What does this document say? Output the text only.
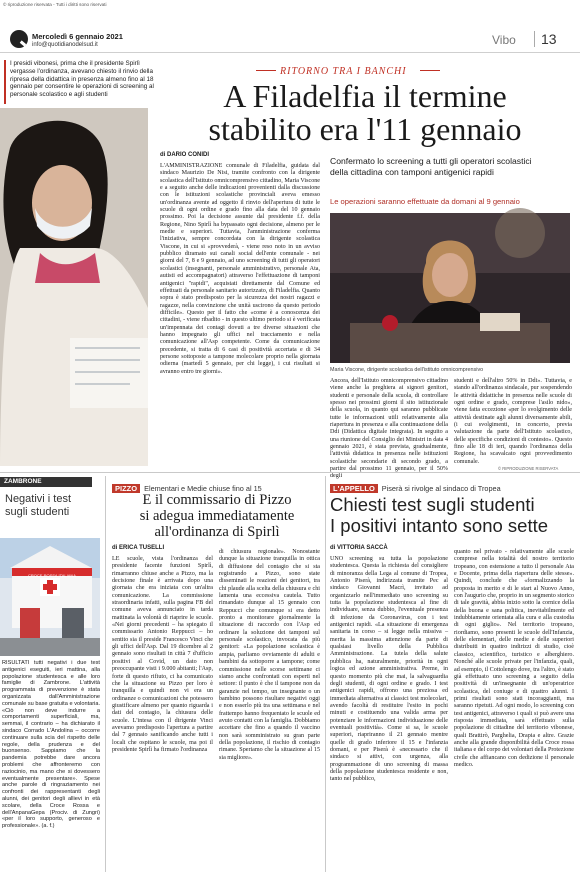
© riproduzione riservata - Tutti i diritti sono riservati
Mercoledì 6 gennaio 2021
info@quotidianodelsud.it	Vibo	13
I presidi vibonesi, prima che il presidente Spirlì vergasse l'ordinanza, avevano chiesto il rinvio della ripresa della didattica in presenza almeno fino al 18 gennaio per consentire le operazioni di screening al personale scolastico e agli studenti
RITORNO TRA I BANCHI
A Filadelfia il termine
stabilito era l'11 gennaio
di DARIO CONIDI
L'AMMINISTRAZIONE comunale di Filadelfia, guidata dal sindaco Maurizio De Nisi, tramite confronto con la dirigente scolastica dell'Istituto omnicomprensivo cittadino, Maria Viscone e a seguito anche delle indicazioni provenienti dalla discussione con le istituzioni scolastiche provinciali aveva emesso un'ordinanza avente ad oggetto il rinvio dell'apertura di tutte le scuole di ogni ordine e grado fino alla data del 10 gennaio prossimo. Poi la decisione assunte dal presidente f.f. della Regione, Nino Spirlì ha bypassato ogni decisione, almeno per le medie e superiori. Tuttavia, l'amministrazione conferma l'iniziativa, sempre concordata con la dirigente scolastica Viscone, in cui si «provvederà, - viene reso noto in un avviso pubblico diramato sui canali social dell'ente comunale - nei giorni del 7, 8 e 9 gennaio, ad uno screening di tutti gli operatori scolastici (insegnanti, personale amministrativo, personale Ata, autisti ed accompagnatori) attraverso l'effettuazione di tamponi antigenici "rapidi", acquistati direttamente dal Comune ed effettuati da personale sanitario autorizzato, di Filadelfia. Quanto sopra è stato predisposto per la sicurezza dei nostri ragazzi e ragazze, nella convinzione che unità uscirono da questo periodo difficile». Questo per il fatto che «come è a conoscenza dei cittadini, - viene ribadito - in questo ultimo periodo si è verificata un'impennata dei contagi dovuti a tre diverse situazioni che hanno impegnato gli uffici nel tracciamento e nella comunicazione all'Asp competente. Come da comunicazione precedente, si tratta di 6 casi di positività accertata e di 34 persone sottoposte a tampone molecolare proprio nella giornata odierna (martedì 5 gennaio, per chi legge), i cui risultati si avranno entro tre giorni».
Confermato lo screening a tutti gli operatori scolastici
della cittadina con tamponi antigenici rapidi
Le operazioni saranno effettuate da domani al 9 gennaio
Maria Viscone, dirigente scolastica dell'istituto omnicomprensivo
Ancora, dell'Istituto omnicomprensivo cittadino viene anche la preghiera ai signori genitori, studenti e personale della scuola, di controllare spesso nei prossimi giorni il sito istituzionale della scuola, in quanto qui saranno pubblicate tutte le informazioni utili relativamente alla riapertura in presenza e alla continuazione della Ddi (Didattica digitale integrata). In seguito a una riunione del Consiglio dei Ministri in data 4 gennaio 2021, è stata prevista, gradualmente, l'attività didattica in presenza nelle istituzioni scolastiche secondarie di secondo grado, a partire dal prossimo 11 gennaio, per il 50% degli
studenti e dell'altro 50% in Ddi». Tuttavia, e stando all'ordinanza sindacale, pur sospendendo le attività didattiche in presenza nelle scuole di ogni ordine e grado, comprese l'asilo nido», viene fatta eccezione «per lo svolgimento delle attività destinate agli alunni diversamente abili, (i cui svolgimenti, in concerto, previa valutazione da parte dell'Istituto scolastico, delle specifiche condizioni di contesto». Questo fino alle 18 di ieri, quando l'ordinanza della Regione, ha scavalcato ogni provvedimento comunale.
© RIPRODUZIONE RISERVATA
ZAMBRONE
Negativi i test sugli studenti
CROCE ROSSA ITALIANA
RISULTATI tutti negativi i due test antigenici eseguiti, ieri mattina, alla popolazione studentesca e alle loro famiglie di Zambrone. L'attività programmata di prevenzione è stata organizzata dall'Amministrazione comunale su base gratuita e volontaria. «Ciò non deve indurre a comportamenti superficiali, ma, semmai, il contrario – ha dichiarato il sindaco Corrado L'Andolina – occorre continuare sulla scia del rispetto delle regole, della prudenza e del buonsenso. Sappiamo che la pandemia potrebbe dare ancora problemi che affronteremo con raziocinio, ma mano che si dovessero eventualmente presentare». Spese anche parole di ringraziamento nei confronti dei rappresentanti degli alunni, dei genitori degli allievi in età scolare, della Croce Rossa e dell'AnpanaGepa (Prociv. di Zungri) «per il loro supporto, generoso e professionale». (a. f.)
PIZZO Elementari e Medie chiuse fino al 15
E il commissario di Pizzo
si adegua immediatamente
all'ordinanza di Spirlì
di ERICA TUSELLI
LE scuole, vista l'ordinanza del presidente facente funzioni Spirlì, rimarranno chiuse anche a Pizzo, ma la decisione finale è arrivata dopo una giornata che era iniziata con un'altra comunicazione. La commissione straordinaria infatti, sulla pagina FB del comune aveva annunciato in tarda mattinata la volontà di riaprire le scuole. «Nei giorni precedenti – ha spiegato il commissario Antonio Reppucci – ho sentito sia il preside Francesco Vinci che gli uffici dell'Asp. Dal 19 dicembre al 2 gennaio sono risultati in città 7 d'ufficio positivi al Covid, un dato non preoccupante visti i 9.000 abitanti; l'Asp, forte di questo rifiuto, ci ha comunicato che la situazione su Pizzo per loro è tranquilla e quindi non vi era un ordinanze o comunicazioni che potessero giustificare almeno per quanto riguarda i dati del contagio, la chiusura delle scuole. L'intesa con il dirigente Vinci avevamo predisposto l'apertura a partire dal 7 gennaio sanificando anche tutti i locali che ospitano le scuole, ma poi il presidente Spirlì ha firmato l'ordinanza
di chiusura regionale». Nonostante dunque la situazione tranquilla in ottica di diffusione del contagio che si sta registrando a Pizzo, sono state disseminati le reazioni dei genitori, tra chi plaude alla scelta della chiusura e chi lamenta una eccessiva cautela. Tutto rimandato dunque al 15 gennaio con Reppucci che comunque si era detto pronto a monitorare giornalmente la situazione di raccordo con l'Asp ed ordinare la soluzione dei tamponi sul personale scolastico, invocata da più genitori: «La popolazione scolastica è ampia, parliamo ovviamente di adulti e bambini da sottoporre a tampone; come commissione nelle scorse settimane ci siamo anche confrontati con esperti nel settore: il punto è che il tampone non da garanzie nel tempo, un insegnante o un bambino possono risultare negativi oggi e non esserlo più tra una settimana e nel frattempo hanno frequentato le scuole ed avuto contatti con la famiglia. Dobbiamo accettare che fino a quando il vaccino non sarà somministrato su gran parte della popolazione, il rischio di contagio rimane. Speriamo che la situazione al 15 sia migliore».
L'APPELLO Piserà si rivolge al sindaco di Tropea
Chiesti test sugli studenti
I positivi intanto sono sette
di VITTORIA SACCÀ
UNO screening su tutta la popolazione studentesca. Questa la richiesta del consigliere di minoranza della Lega al comune di Tropea, Antonio Piserà, indirizzata tramite Pec al sindaco Giovanni Macrì, invitato ad organizzarlo nell'immediato uno screening su tutta la popolazione studentesca al fine di individuare, senza dubbio, l'eventuale presenza di infezione da Coronavirus, con i test antigenici rapidi. «La situazione di emergenza sanitaria in corso – si legge nella missiva – merita la massima attenzione da parte di qualsiasi livello della Pubblica Amministrazione. La tutela della salute pubblica ha, naturalmente, priorità in ogni logica ed azione amministrativa. Preme, in questo momento più che mai, la salvaguardia degli studenti, di ogni ordine e grado. I test antigenici rapidi, offrono una preziosa ed immediata alternativa ai classici test molecolari, avendo facoltà di restituire l'esito in pochi minuti e costituendo una valida arma per potenziare le informazioni individuazione delle eventuali positività». Come si sa, le scuole superiori, riapriranno il 21 gennaio mentre quelle di grado inferiore il 15 e l'infanzia domani, e per Piserà è «necessario che il sindaco si attivi, con urgenza, alla programmazione di uno screening di massa della popolazione studentesca residente e non, tanto nel pubblico,
quanto nel privato - relativamente alle scuole comprese nella totalità del nostro territorio tropeano, con estensione a tutto il personale Ata e Docente, prima della riapertura delle stesse». Quindi, conclude che «formalizzando la proposta in merito e di le start al Nuovo Anno, con l'augurio che, proprio in un segmento storico di tale gravità, abbia inizio sotto la cornice della della buona e sana politica, inevitabilmente ed indubbiamente orientata alla cura e alla custodia di ogni giglio». Nel territorio tropeano, riordiamo, sono presenti le scuole dell'Infanzia, delle elementari, delle medie e delle superiori distribuiti in quattro indirizzi di studio, cioè classico, scientifico, turistico e alberghiero. Nonché alle scuole private per l'infanzia, quali, ad esempio, il Cottolengo dove, tra l'altro, è stato già effettuato uno screening a seguito della positività di un'insegnante di un'operatrice scolastica, del coniuge e di quattro alunni. I primi risultati sono stati incoraggianti, ma saranno ripetuti. Ad ogni modo, lo screening con test antigenici, attraverso i quali si può avere una risposta immediata, sarà effettuato sulla popolazione di cittadine del territorio vibonese, quali Brattirò, Parghelia, Drapia e altre. Grazie anche alla grande disponibilità della Croce rossa italiana e del corpo dei volontari della Protezione civile che affiancano con dedizione il personale medico.
